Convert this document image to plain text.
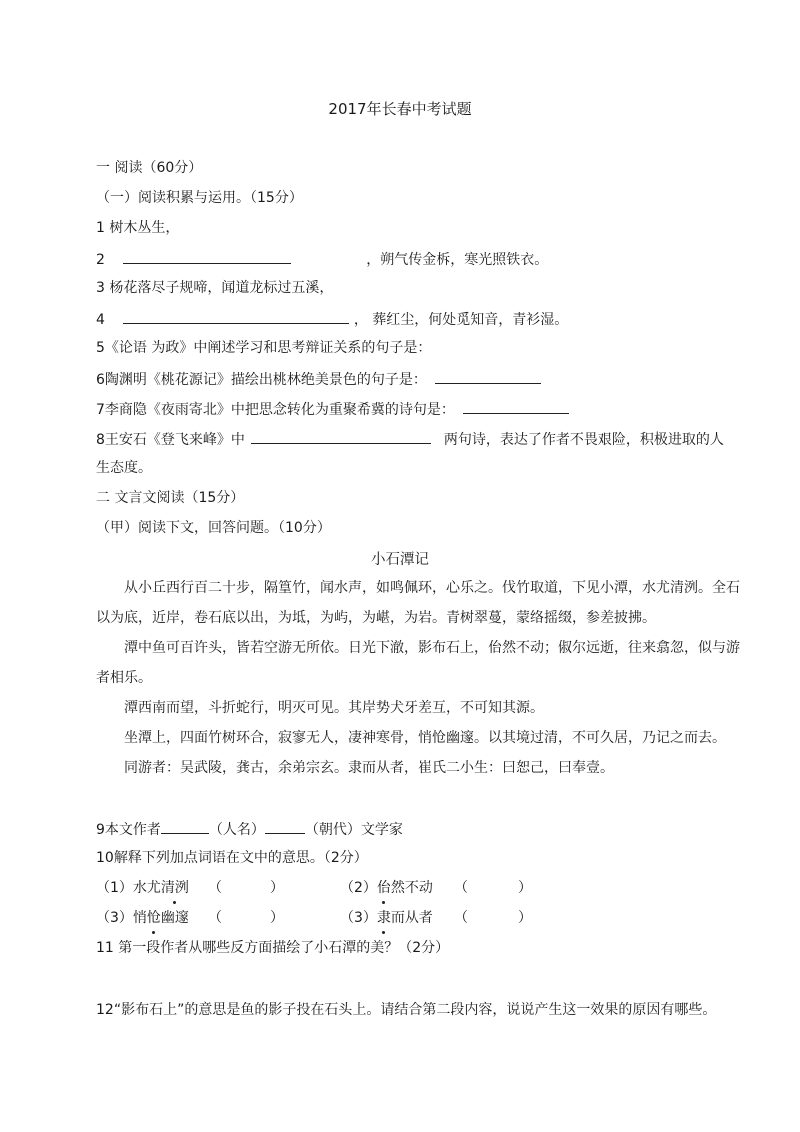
2017年长春中考试题
一 阅读（60分）
（一）阅读积累与运用。（15分）
1 树木丛生，
2	，朔气传金柝，寒光照铁衣。
3 杨花落尽子规啼，闻道龙标过五溪，
4	， 葬红尘，何处觅知音，青衫湿。
5《论语 为政》中阐述学习和思考辩证关系的句子是：
6陶渊明《桃花源记》描绘出桃林绝美景色的句子是：
7李商隐《夜雨寄北》中把思念转化为重聚希冀的诗句是：
8王安石《登飞来峰》中	两句诗，表达了作者不畏艰险，积极进取的人
生态度。
二 文言文阅读（15分）
（甲）阅读下文，回答问题。（10分）
小石潭记
从小丘西行百二十步，隔篁竹，闻水声，如鸣佩环，心乐之。伐竹取道，下见小潭，水尤清洌。全石
以为底，近岸，卷石底以出，为坻，为屿，为嵁，为岩。青树翠蔓，蒙络摇缀，参差披拂。
潭中鱼可百许头，皆若空游无所依。日光下澈，影布石上，佁然不动；俶尔远逝，往来翕忽，似与游
者相乐。
潭西南而望，斗折蛇行，明灭可见。其岸势犬牙差互，不可知其源。
坐潭上，四面竹树环合，寂寥无人，凄神寒骨，悄怆幽邃。以其境过清，不可久居，乃记之而去。
同游者：吴武陵，龚古，余弟宗玄。隶而从者，崔氏二小生：曰恕己，曰奉壹。
9本文作者	（人名）	（朝代）文学家
10解释下列加点词语在文中的意思。（2分）
（1）水尤清洌 （	）	（2）佁然不动 （	）
（3）悄怆幽邃 （	）	（3）隶而从者 （	）
11 第一段作者从哪些反方面描绘了小石潭的美？（2分）
12“影布石上”的意思是鱼的影子投在石头上。请结合第二段内容，说说产生这一效果的原因有哪些。
